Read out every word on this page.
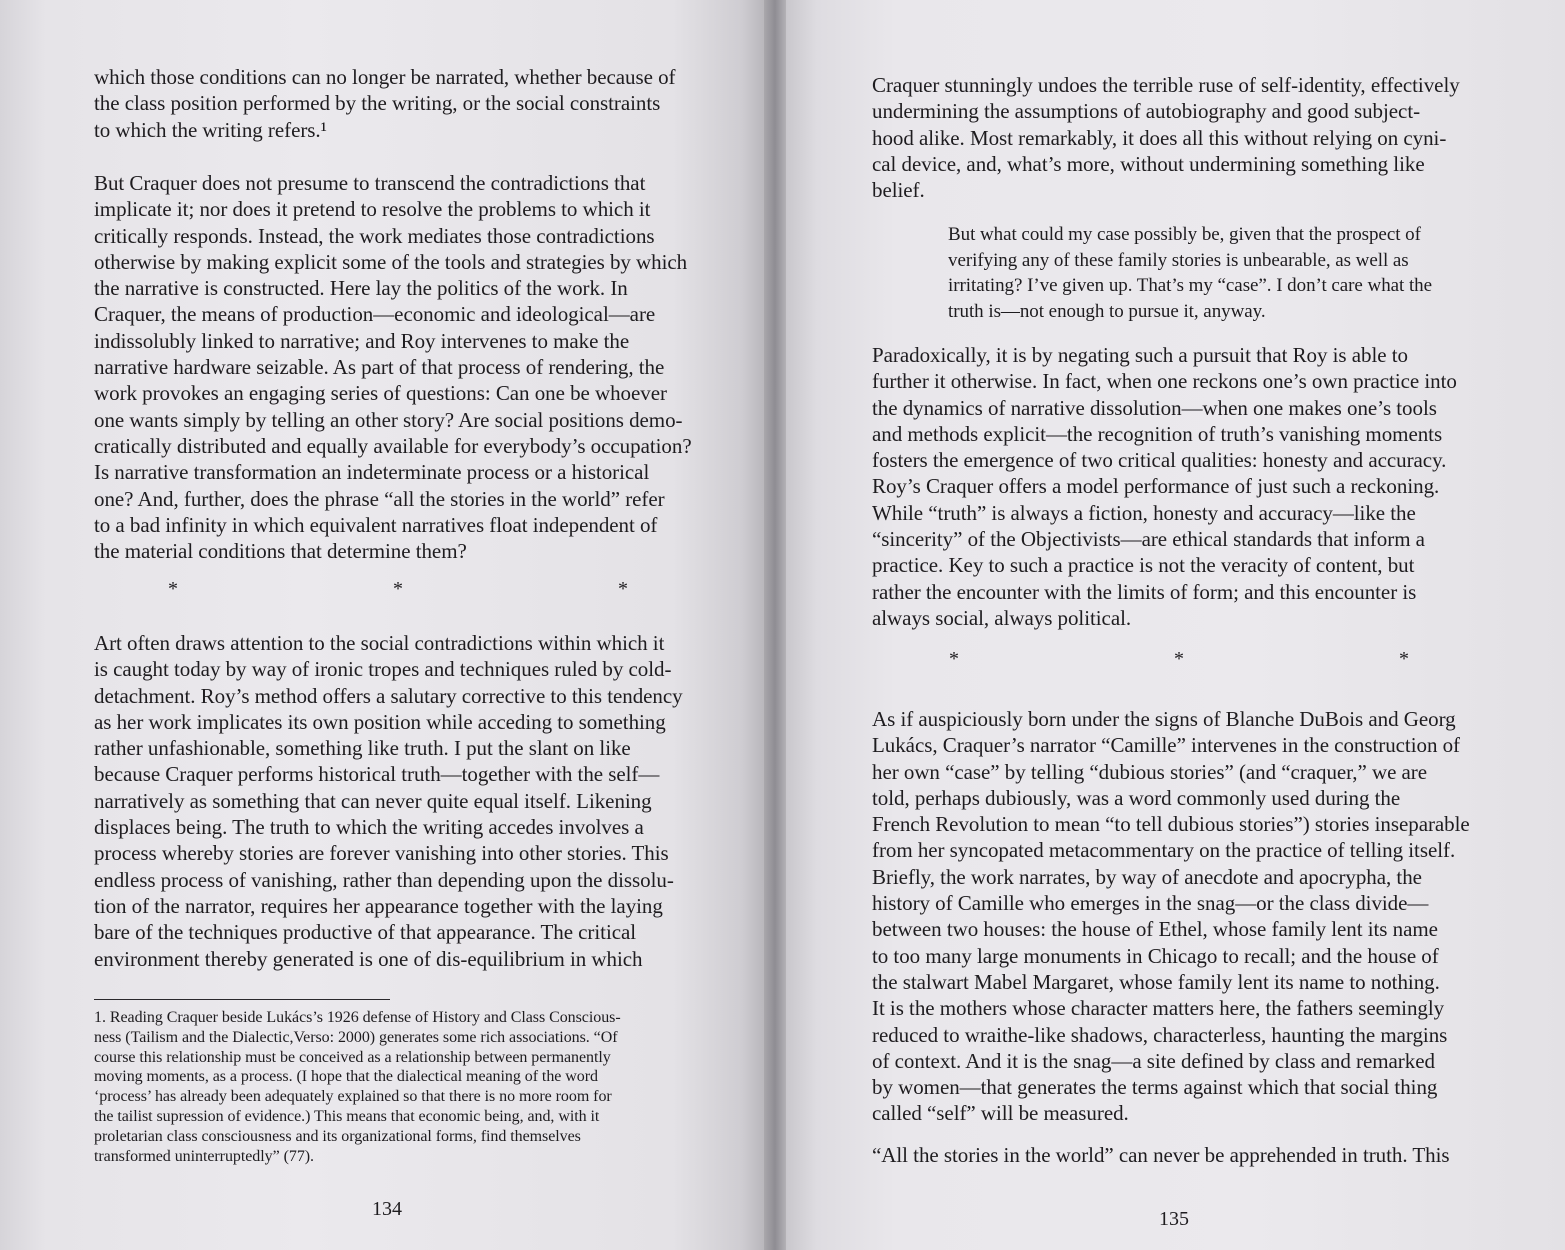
which those conditions can no longer be narrated, whether because of
the class position performed by the writing, or the social constraints
to which the writing refers.¹

But Craquer does not presume to transcend the contradictions that
implicate it; nor does it pretend to resolve the problems to which it
critically responds. Instead, the work mediates those contradictions
otherwise by making explicit some of the tools and strategies by which
the narrative is constructed. Here lay the politics of the work. In
Craquer, the means of production—economic and ideological—are
indissolubly linked to narrative; and Roy intervenes to make the
narrative hardware seizable. As part of that process of rendering, the
work provokes an engaging series of questions: Can one be whoever
one wants simply by telling an other story? Are social positions demo-
cratically distributed and equally available for everybody’s occupation?
Is narrative transformation an indeterminate process or a historical
one? And, further, does the phrase “all the stories in the world” refer
to a bad infinity in which equivalent narratives float independent of
the material conditions that determine them?

*	*	*

Art often draws attention to the social contradictions within which it
is caught today by way of ironic tropes and techniques ruled by cold-
detachment. Roy’s method offers a salutary corrective to this tendency
as her work implicates its own position while acceding to something
rather unfashionable, something like truth. I put the slant on like
because Craquer performs historical truth—together with the self—
narratively as something that can never quite equal itself. Likening
displaces being. The truth to which the writing accedes involves a
process whereby stories are forever vanishing into other stories. This
endless process of vanishing, rather than depending upon the dissolu-
tion of the narrator, requires her appearance together with the laying
bare of the techniques productive of that appearance. The critical
environment thereby generated is one of dis-equilibrium in which

1. Reading Craquer beside Lukács’s 1926 defense of History and Class Conscious-
ness (Tailism and the Dialectic,Verso: 2000) generates some rich associations. “Of
course this relationship must be conceived as a relationship between permanently
moving moments, as a process. (I hope that the dialectical meaning of the word
‘process’ has already been adequately explained so that there is no more room for
the tailist supression of evidence.) This means that economic being, and, with it
proletarian class consciousness and its organizational forms, find themselves
transformed uninterruptedly” (77).

134

Craquer stunningly undoes the terrible ruse of self-identity, effectively
undermining the assumptions of autobiography and good subject-
hood alike. Most remarkably, it does all this without relying on cyni-
cal device, and, what’s more, without undermining something like
belief.

But what could my case possibly be, given that the prospect of
verifying any of these family stories is unbearable, as well as
irritating? I’ve given up. That’s my “case”. I don’t care what the
truth is—not enough to pursue it, anyway.

Paradoxically, it is by negating such a pursuit that Roy is able to
further it otherwise. In fact, when one reckons one’s own practice into
the dynamics of narrative dissolution—when one makes one’s tools
and methods explicit—the recognition of truth’s vanishing moments
fosters the emergence of two critical qualities: honesty and accuracy.
Roy’s Craquer offers a model performance of just such a reckoning.
While “truth” is always a fiction, honesty and accuracy—like the
“sincerity” of the Objectivists—are ethical standards that inform a
practice. Key to such a practice is not the veracity of content, but
rather the encounter with the limits of form; and this encounter is
always social, always political.

*	*	*

As if auspiciously born under the signs of Blanche DuBois and Georg
Lukács, Craquer’s narrator “Camille” intervenes in the construction of
her own “case” by telling “dubious stories” (and “craquer,” we are
told, perhaps dubiously, was a word commonly used during the
French Revolution to mean “to tell dubious stories”) stories inseparable
from her syncopated metacommentary on the practice of telling itself.
Briefly, the work narrates, by way of anecdote and apocrypha, the
history of Camille who emerges in the snag—or the class divide—
between two houses: the house of Ethel, whose family lent its name
to too many large monuments in Chicago to recall; and the house of
the stalwart Mabel Margaret, whose family lent its name to nothing.
It is the mothers whose character matters here, the fathers seemingly
reduced to wraithe-like shadows, characterless, haunting the margins
of context. And it is the snag—a site defined by class and remarked
by women—that generates the terms against which that social thing
called “self” will be measured.

“All the stories in the world” can never be apprehended in truth. This

135
